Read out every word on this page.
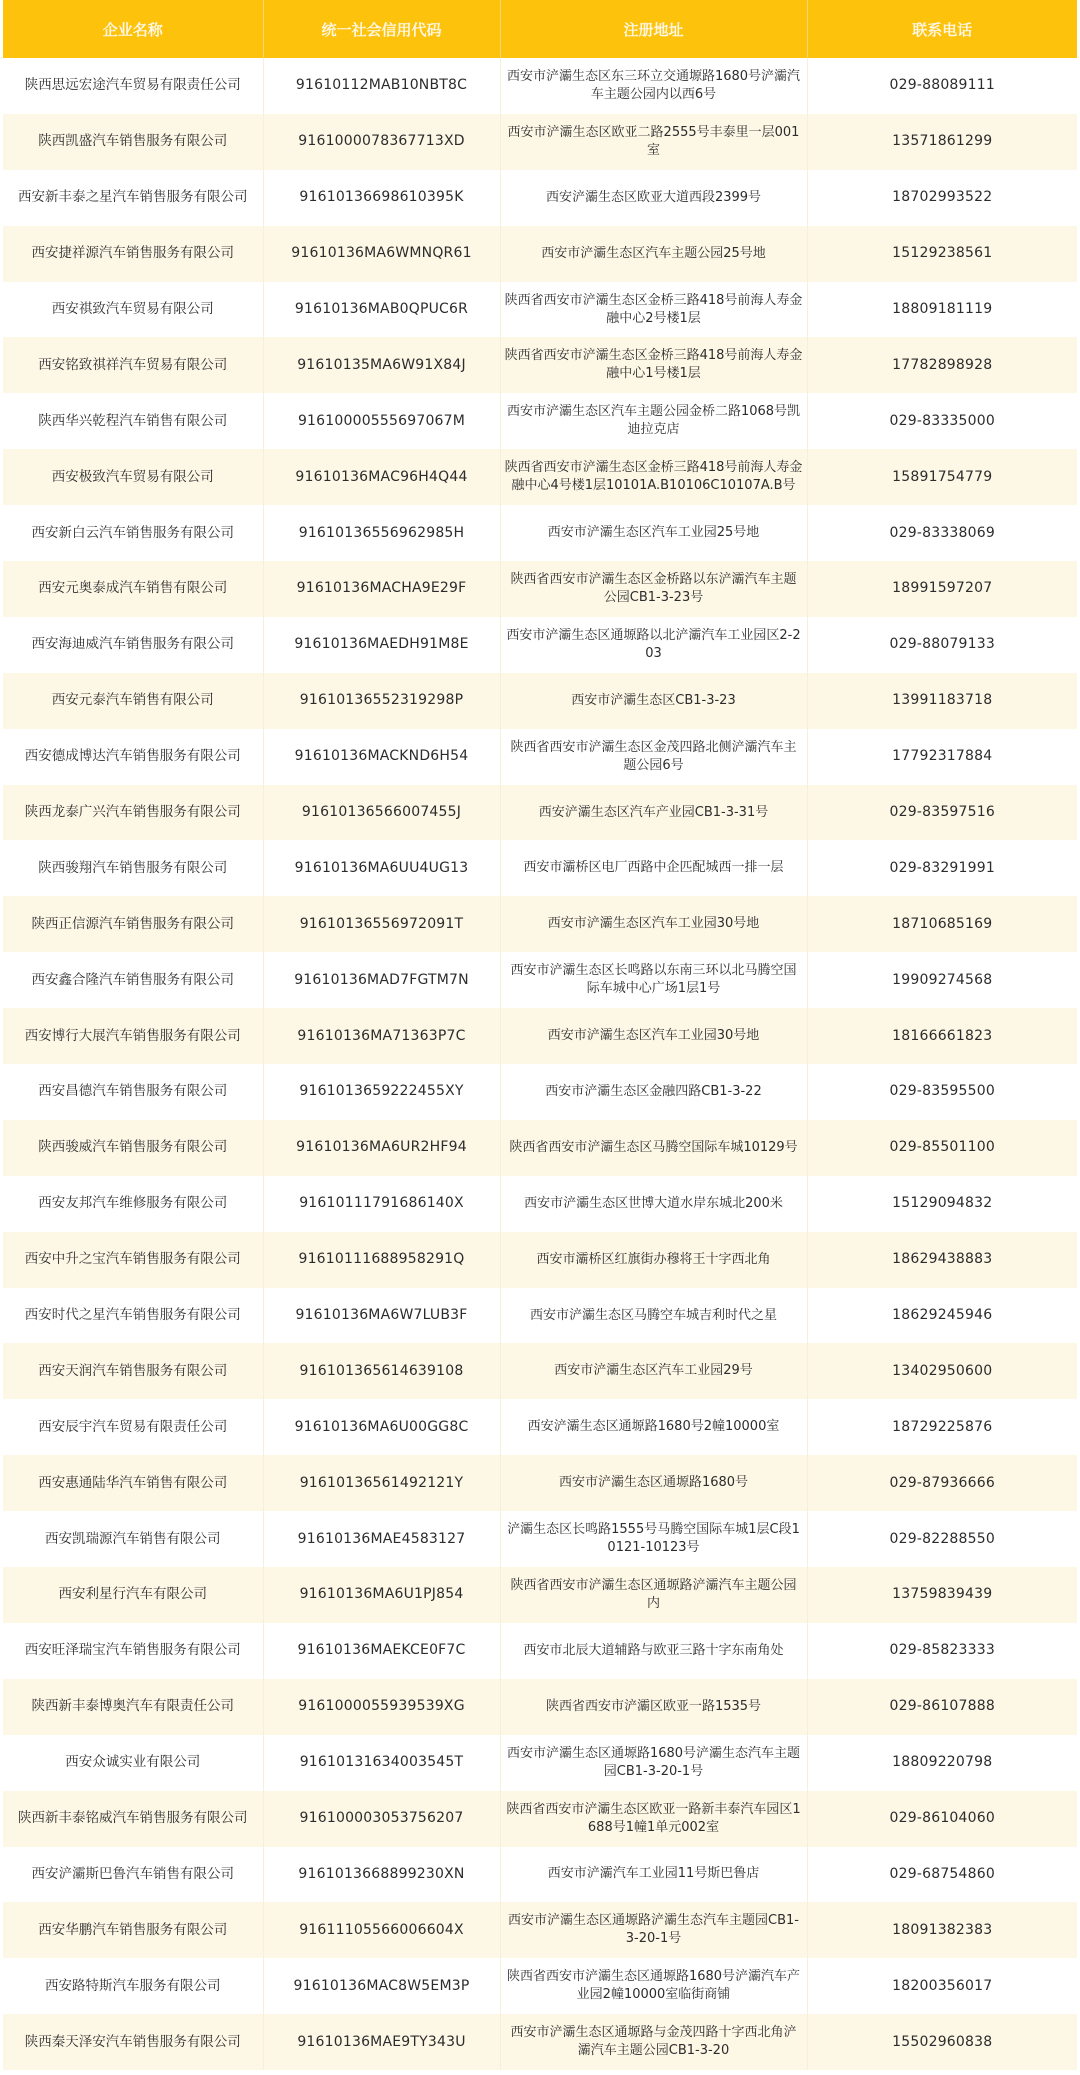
企业名称	统一社会信用代码	注册地址	联系电话

陕西思远宏途汽车贸易有限责任公司	91610112MAB10NBT8C	西安市浐灞生态区东三环立交通塬路1680号浐灞汽车主题公园内以西6号	029-88089111

陕西凯盛汽车销售服务有限公司	9161000078367713XD	西安市浐灞生态区欧亚二路2555号丰泰里一层001室	13571861299

西安新丰泰之星汽车销售服务有限公司	91610136698610395K	西安浐灞生态区欧亚大道西段2399号	18702993522

西安捷祥源汽车销售服务有限公司	91610136MA6WMNQR61	西安市浐灞生态区汽车主题公园25号地	15129238561

西安祺致汽车贸易有限公司	91610136MAB0QPUC6R	陕西省西安市浐灞生态区金桥三路418号前海人寿金融中心2号楼1层	18809181119

西安铭致祺祥汽车贸易有限公司	91610135MA6W91X84J	陕西省西安市浐灞生态区金桥三路418号前海人寿金融中心1号楼1层	17782898928

陕西华兴乾程汽车销售有限公司	91610000555697067M	西安市浐灞生态区汽车主题公园金桥二路1068号凯迪拉克店	029-83335000

西安极致汽车贸易有限公司	91610136MAC96H4Q44	陕西省西安市浐灞生态区金桥三路418号前海人寿金融中心4号楼1层10101A.B10106C10107A.B号	15891754779

西安新白云汽车销售服务有限公司	91610136556962985H	西安市浐灞生态区汽车工业园25号地	029-83338069

西安元奥泰成汽车销售有限公司	91610136MACHA9E29F	陕西省西安市浐灞生态区金桥路以东浐灞汽车主题公园CB1-3-23号	18991597207

西安海迪威汽车销售服务有限公司	91610136MAEDH91M8E	西安市浐灞生态区通塬路以北浐灞汽车工业园区2-203	029-88079133

西安元泰汽车销售有限公司	91610136552319298P	西安市浐灞生态区CB1-3-23	13991183718

西安德成博达汽车销售服务有限公司	91610136MACKND6H54	陕西省西安市浐灞生态区金茂四路北侧浐灞汽车主题公园6号	17792317884

陕西龙泰广兴汽车销售服务有限公司	91610136566007455J	西安浐灞生态区汽车产业园CB1-3-31号	029-83597516

陕西骏翔汽车销售服务有限公司	91610136MA6UU4UG13	西安市灞桥区电厂西路中企匹配城西一排一层	029-83291991

陕西正信源汽车销售服务有限公司	91610136556972091T	西安市浐灞生态区汽车工业园30号地	18710685169

西安鑫合隆汽车销售服务有限公司	91610136MAD7FGTM7N	西安市浐灞生态区长鸣路以东南三环以北马腾空国际车城中心广场1层1号	19909274568

西安博行大展汽车销售服务有限公司	91610136MA71363P7C	西安市浐灞生态区汽车工业园30号地	18166661823

西安昌德汽车销售服务有限公司	9161013659222455XY	西安市浐灞生态区金融四路CB1-3-22	029-83595500

陕西骏威汽车销售服务有限公司	91610136MA6UR2HF94	陕西省西安市浐灞生态区马腾空国际车城10129号	029-85501100

西安友邦汽车维修服务有限公司	91610111791686140X	西安市浐灞生态区世博大道水岸东城北200米	15129094832

西安中升之宝汽车销售服务有限公司	91610111688958291Q	西安市灞桥区红旗街办穆将王十字西北角	18629438883

西安时代之星汽车销售服务有限公司	91610136MA6W7LUB3F	西安市浐灞生态区马腾空车城吉利时代之星	18629245946

西安天润汽车销售服务有限公司	916101365614639108	西安市浐灞生态区汽车工业园29号	13402950600

西安辰宇汽车贸易有限责任公司	91610136MA6U00GG8C	西安浐灞生态区通塬路1680号2幢10000室	18729225876

西安惠通陆华汽车销售有限公司	91610136561492121Y	西安市浐灞生态区通塬路1680号	029-87936666

西安凯瑞源汽车销售有限公司	91610136MAE4583127	浐灞生态区长鸣路1555号马腾空国际车城1层C段10121-10123号	029-82288550

西安利星行汽车有限公司	91610136MA6U1PJ854	陕西省西安市浐灞生态区通塬路浐灞汽车主题公园内	13759839439

西安旺泽瑞宝汽车销售服务有限公司	91610136MAEKCE0F7C	西安市北辰大道辅路与欧亚三路十字东南角处	029-85823333

陕西新丰泰博奥汽车有限责任公司	9161000055939539XG	陕西省西安市浐灞区欧亚一路1535号	029-86107888

西安众诚实业有限公司	91610131634003545T	西安市浐灞生态区通塬路1680号浐灞生态汽车主题园CB1-3-20-1号	18809220798

陕西新丰泰铭威汽车销售服务有限公司	916100003053756207	陕西省西安市浐灞生态区欧亚一路新丰泰汽车园区1688号1幢1单元002室	029-86104060

西安浐灞斯巴鲁汽车销售有限公司	9161013668899230XN	西安市浐灞汽车工业园11号斯巴鲁店	029-68754860

西安华鹏汽车销售服务有限公司	91611105566006604X	西安市浐灞生态区通塬路浐灞生态汽车主题园CB1-3-20-1号	18091382383

西安路特斯汽车服务有限公司	91610136MAC8W5EM3P	陕西省西安市浐灞生态区通塬路1680号浐灞汽车产业园2幢10000室临街商铺	18200356017

陕西秦天泽安汽车销售服务有限公司	91610136MAE9TY343U	西安市浐灞生态区通塬路与金茂四路十字西北角浐灞汽车主题公园CB1-3-20	15502960838
